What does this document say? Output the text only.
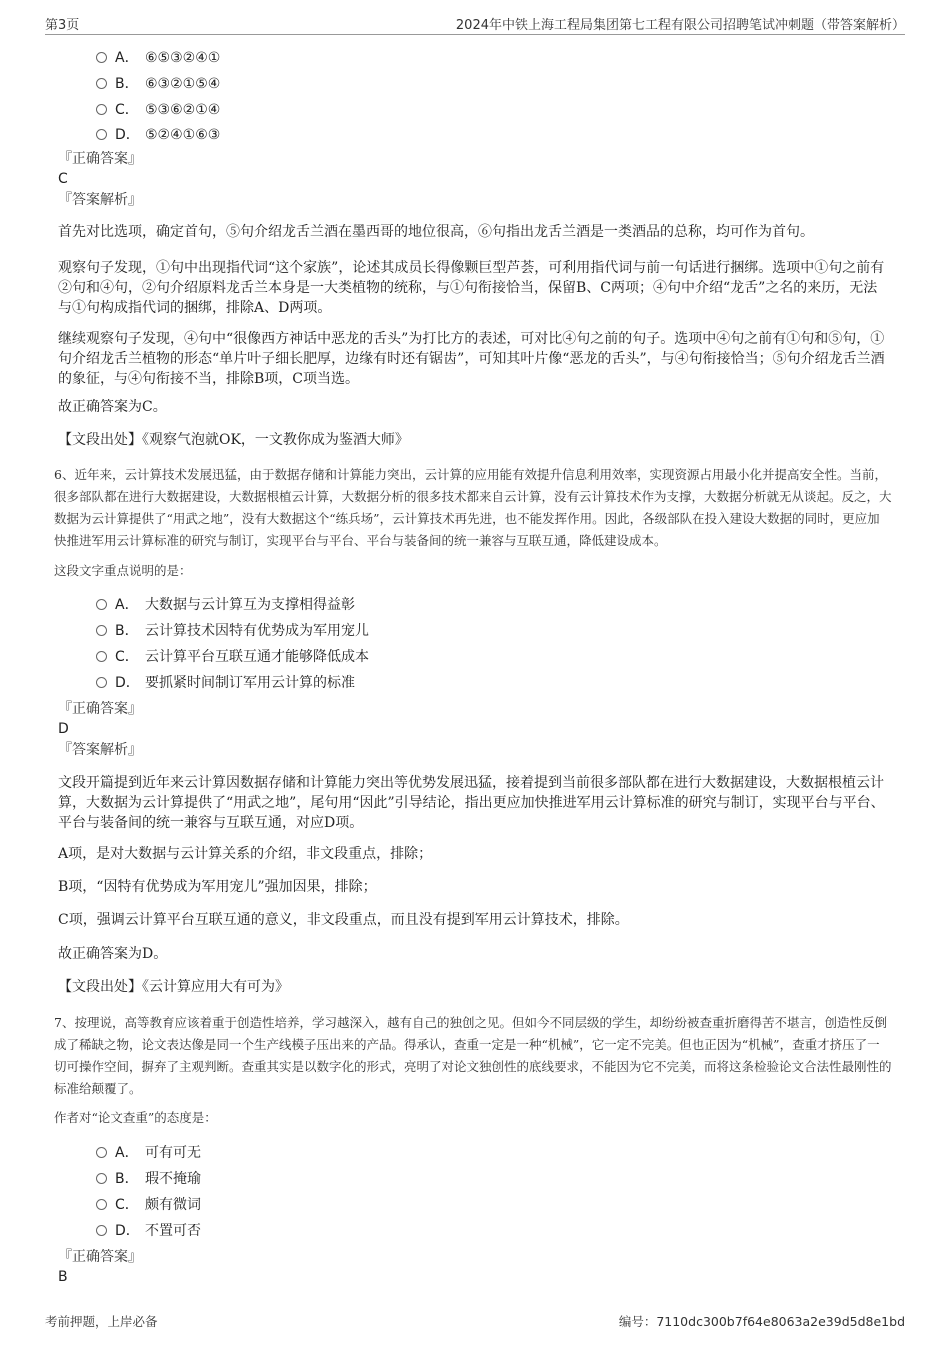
第3页	2024年中铁上海工程局集团第七工程有限公司招聘笔试冲刺题（带答案解析）
A． ⑥⑤③②④①
B． ⑥③②①⑤④
C． ⑤③⑥②①④
D． ⑤②④①⑥③
『正确答案』
C
『答案解析』

首先对比选项，确定首句，⑤句介绍龙舌兰酒在墨西哥的地位很高，⑥句指出龙舌兰酒是一类酒品的总称，均可作为首句。

观察句子发现，①句中出现指代词“这个家族”，论述其成员长得像颗巨型芦荟，可利用指代词与前一句话进行捆绑。选项中①句之前有②句和④句，②句介绍原料龙舌兰本身是一大类植物的统称，与①句衔接恰当，保留B、C两项；④句中介绍“龙舌”之名的来历，无法与①句构成指代词的捆绑，排除A、D两项。

继续观察句子发现，④句中“很像西方神话中恶龙的舌头”为打比方的表述，可对比④句之前的句子。选项中④句之前有①句和⑤句，①句介绍龙舌兰植物的形态“单片叶子细长肥厚，边缘有时还有锯齿”，可知其叶片像“恶龙的舌头”，与④句衔接恰当；⑤句介绍龙舌兰酒的象征，与④句衔接不当，排除B项，C项当选。

故正确答案为C。

【文段出处】《观察气泡就OK，一文教你成为鉴酒大师》

6、近年来，云计算技术发展迅猛，由于数据存储和计算能力突出，云计算的应用能有效提升信息利用效率，实现资源占用最小化并提高安全性。当前，很多部队都在进行大数据建设，大数据根植云计算，大数据分析的很多技术都来自云计算，没有云计算技术作为支撑，大数据分析就无从谈起。反之，大数据为云计算提供了“用武之地”，没有大数据这个“练兵场”，云计算技术再先进，也不能发挥作用。因此，各级部队在投入建设大数据的同时，更应加快推进军用云计算标准的研究与制订，实现平台与平台、平台与装备间的统一兼容与互联互通，降低建设成本。

这段文字重点说明的是：

A． 大数据与云计算互为支撑相得益彰
B． 云计算技术因特有优势成为军用宠儿
C． 云计算平台互联互通才能够降低成本
D． 要抓紧时间制订军用云计算的标准
『正确答案』
D
『答案解析』

文段开篇提到近年来云计算因数据存储和计算能力突出等优势发展迅猛，接着提到当前很多部队都在进行大数据建设，大数据根植云计算，大数据为云计算提供了“用武之地”，尾句用“因此”引导结论，指出更应加快推进军用云计算标准的研究与制订，实现平台与平台、平台与装备间的统一兼容与互联互通，对应D项。

A项，是对大数据与云计算关系的介绍，非文段重点，排除；

B项，“因特有优势成为军用宠儿”强加因果，排除；

C项，强调云计算平台互联互通的意义，非文段重点，而且没有提到军用云计算技术，排除。

故正确答案为D。

【文段出处】《云计算应用大有可为》

7、按理说，高等教育应该着重于创造性培养，学习越深入，越有自己的独创之见。但如今不同层级的学生，却纷纷被查重折磨得苦不堪言，创造性反倒成了稀缺之物，论文表达像是同一个生产线模子压出来的产品。得承认，查重一定是一种“机械”，它一定不完美。但也正因为“机械”，查重才挤压了一切可操作空间，摒弃了主观判断。查重其实是以数字化的形式，亮明了对论文独创性的底线要求，不能因为它不完美，而将这条检验论文合法性最刚性的标准给颠覆了。

作者对“论文查重”的态度是：

A． 可有可无
B． 瑕不掩瑜
C． 颇有微词
D． 不置可否
『正确答案』
B
考前押题，上岸必备	编号：7110dc300b7f64e8063a2e39d5d8e1bd
